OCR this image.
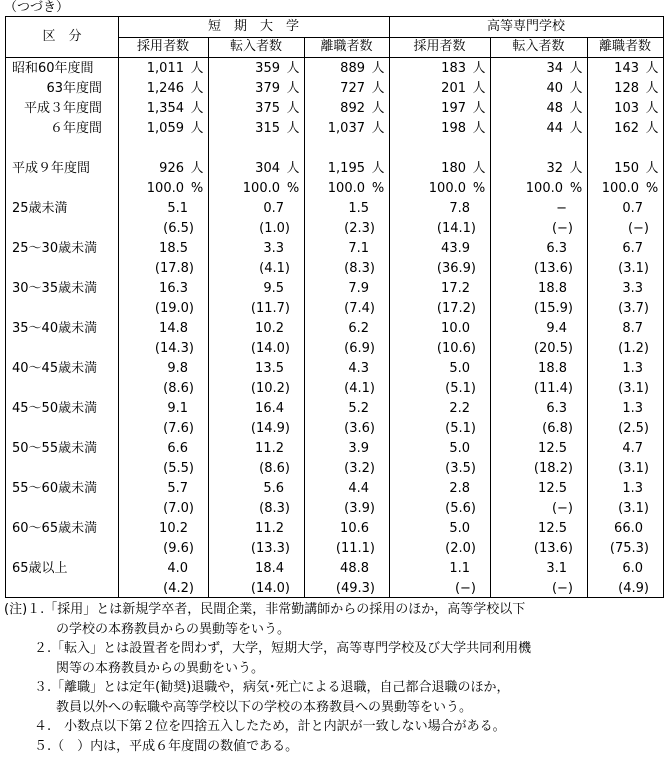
（つづき）
区　分
短　期　大　学	高等専門学校
採用者数	転入者数	離職者数	採用者数	転入者数	離職者数
昭和60年度間	1,011 人	359 人	889 人	183 人	34 人	143 人
63年度間	1,246 人	379 人	727 人	201 人	40 人	128 人
平成３年度間	1,354 人	375 人	892 人	197 人	48 人	103 人
６年度間	1,059 人	315 人	1,037 人	198 人	44 人	162 人
平成９年度間	926 人	304 人	1,195 人	180 人	32 人	150 人
100.0 %	100.0 %	100.0 %	100.0 %	100.0 %	100.0 %
25歳未満	5.1	0.7	1.5	7.8	−	0.7
(6.5)	(1.0)	(2.3)	(14.1)	(−)	(−)
25～30歳未満	18.5	3.3	7.1	43.9	6.3	6.7
(17.8)	(4.1)	(8.3)	(36.9)	(13.6)	(3.1)
30～35歳未満	16.3	9.5	7.9	17.2	18.8	3.3
(19.0)	(11.7)	(7.4)	(17.2)	(15.9)	(3.7)
35～40歳未満	14.8	10.2	6.2	10.0	9.4	8.7
(14.3)	(14.0)	(6.9)	(10.6)	(20.5)	(1.2)
40～45歳未満	9.8	13.5	4.3	5.0	18.8	1.3
(8.6)	(10.2)	(4.1)	(5.1)	(11.4)	(3.1)
45～50歳未満	9.1	16.4	5.2	2.2	6.3	1.3
(7.6)	(14.9)	(3.6)	(5.1)	(6.8)	(2.5)
50～55歳未満	6.6	11.2	3.9	5.0	12.5	4.7
(5.5)	(8.6)	(3.2)	(3.5)	(18.2)	(3.1)
55～60歳未満	5.7	5.6	4.4	2.8	12.5	1.3
(7.0)	(8.3)	(3.9)	(5.6)	(−)	(3.1)
60～65歳未満	10.2	11.2	10.6	5.0	12.5	66.0
(9.6)	(13.3)	(11.1)	(2.0)	(13.6)	(75.3)
65歳以上	4.0	18.4	48.8	1.1	3.1	6.0
(4.2)	(14.0)	(49.3)	(−)	(−)	(4.9)
(注)１.「採用」とは新規学卒者，民間企業，非常勤講師からの採用のほか，高等学校以下
の学校の本務教員からの異動等をいう。
２.「転入」とは設置者を問わず，大学，短期大学，高等専門学校及び大学共同利用機
関等の本務教員からの異動をいう。
３.「離職」とは定年(勧奨)退職や，病気･死亡による退職，自己都合退職のほか，
教員以外への転職や高等学校以下の学校の本務教員への異動等をいう。
４.　小数点以下第２位を四捨五入したため，計と内訳が一致しない場合がある。
５.（　）内は，平成６年度間の数値である。
